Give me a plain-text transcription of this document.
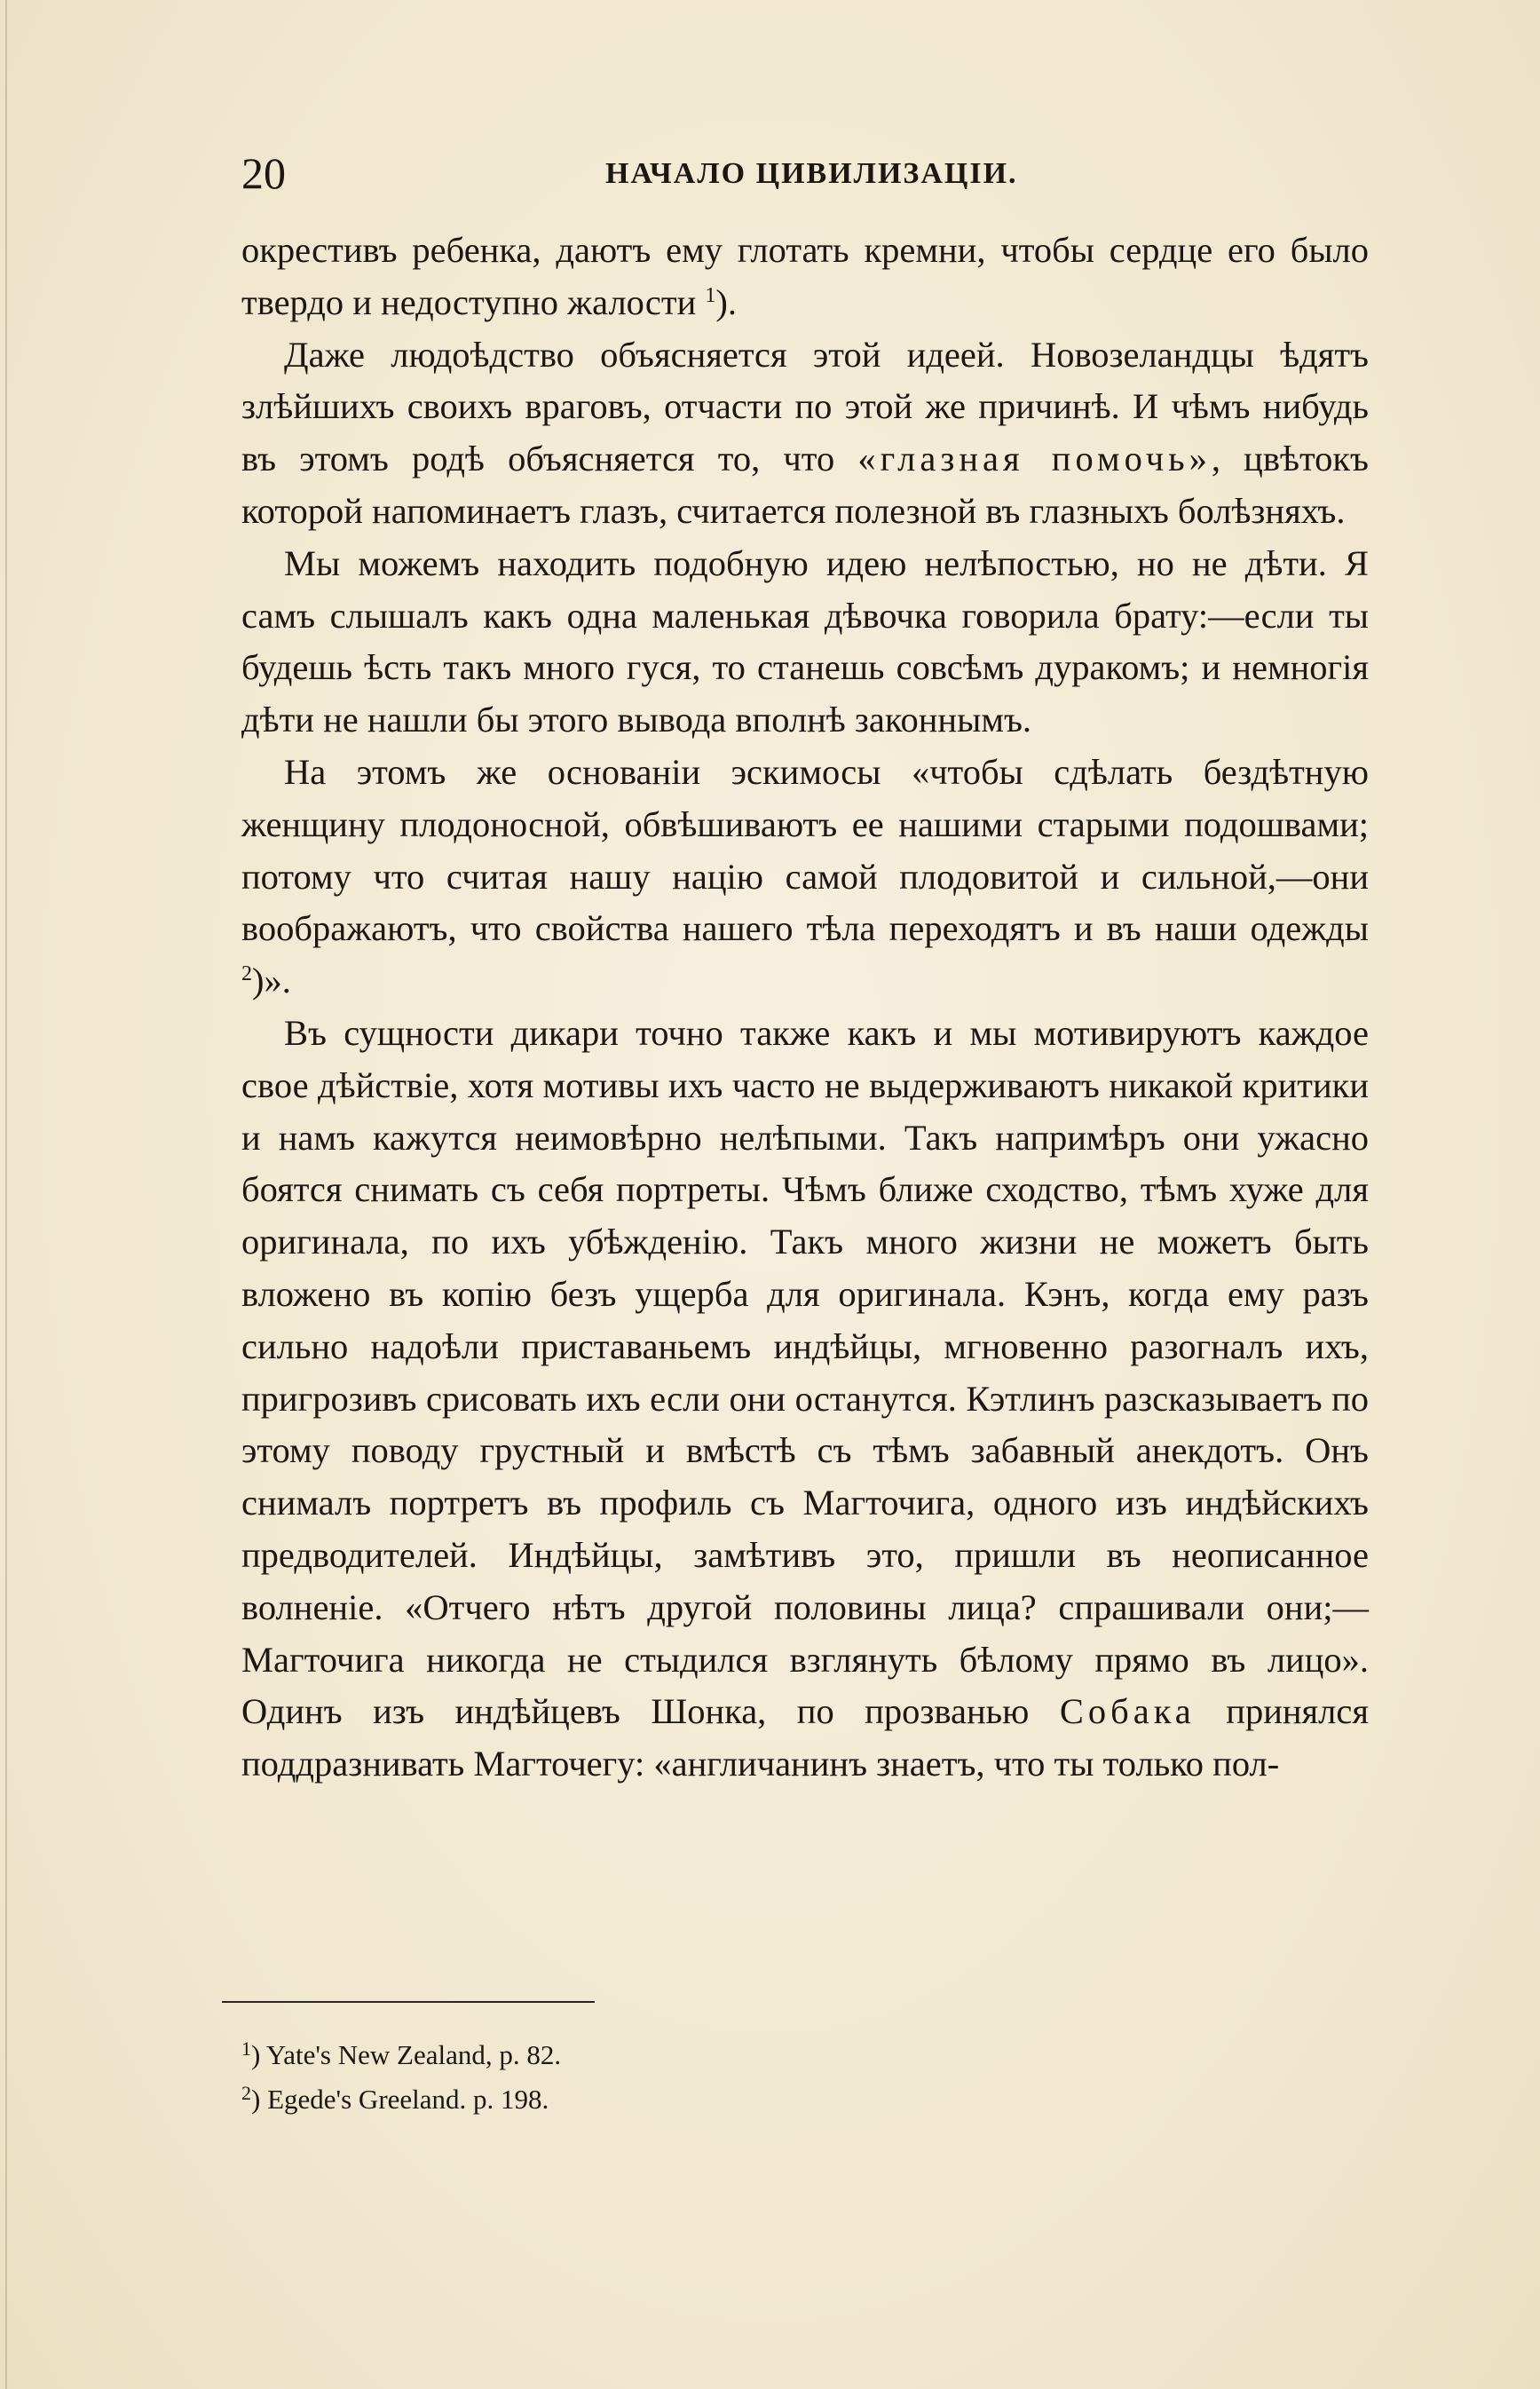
20	НАЧАЛО ЦИВИЛИЗАЦІИ.

окрестивъ ребенка, даютъ ему глотать кремни, чтобы сердце его было твердо и недоступно жалости $^1$).

Даже людоѣдство объясняется этой идеей. Новозеландцы ѣдятъ злѣйшихъ своихъ враговъ, отчасти по этой же причинѣ. И чѣмъ нибудь въ этомъ родѣ объясняется то, что «глазная помочь», цвѣтокъ которой напоминаетъ глазъ, считается полезной въ глазныхъ болѣзняхъ.

Мы можемъ находить подобную идею нелѣпостью, но не дѣти. Я самъ слышалъ какъ одна маленькая дѣвочка говорила брату:—если ты будешь ѣсть такъ много гуся, то станешь совсѣмъ дуракомъ; и немногія дѣти не нашли бы этого вывода вполнѣ законнымъ.

На этомъ же основаніи эскимосы «чтобы сдѣлать бездѣтную женщину плодоносной, обвѣшиваютъ ее нашими старыми подошвами; потому что считая нашу націю самой плодовитой и сильной,—они воображаютъ, что свойства нашего тѣла переходятъ и въ наши одежды $^2$)».

Въ сущности дикари точно также какъ и мы мотивируютъ каждое свое дѣйствіе, хотя мотивы ихъ часто не выдерживаютъ никакой критики и намъ кажутся неимовѣрно нелѣпыми. Такъ напримѣръ они ужасно боятся снимать съ себя портреты. Чѣмъ ближе сходство, тѣмъ хуже для оригинала, по ихъ убѣжденію. Такъ много жизни не можетъ быть вложено въ копію безъ ущерба для оригинала. Кэнъ, когда ему разъ сильно надоѣли приставаньемъ индѣйцы, мгновенно разогналъ ихъ, пригрозивъ срисовать ихъ если они останутся. Кэтлинъ разсказываетъ по этому поводу грустный и вмѣстѣ съ тѣмъ забавный анекдотъ. Онъ снималъ портретъ въ профиль съ Магточига, одного изъ индѣйскихъ предводителей. Индѣйцы, замѣтивъ это, пришли въ неописанное волненіе. «Отчего нѣтъ другой половины лица? спрашивали они;—Магточига никогда не стыдился взглянуть бѣлому прямо въ лицо». Одинъ изъ индѣйцевъ Шонка, по прозванью Собака принялся поддразнивать Магточегу: «англичанинъ знаетъ, что ты только пол-

$^1$) Yate's New Zealand, p. 82.

$^2$) Egede's Greeland. p. 198.
